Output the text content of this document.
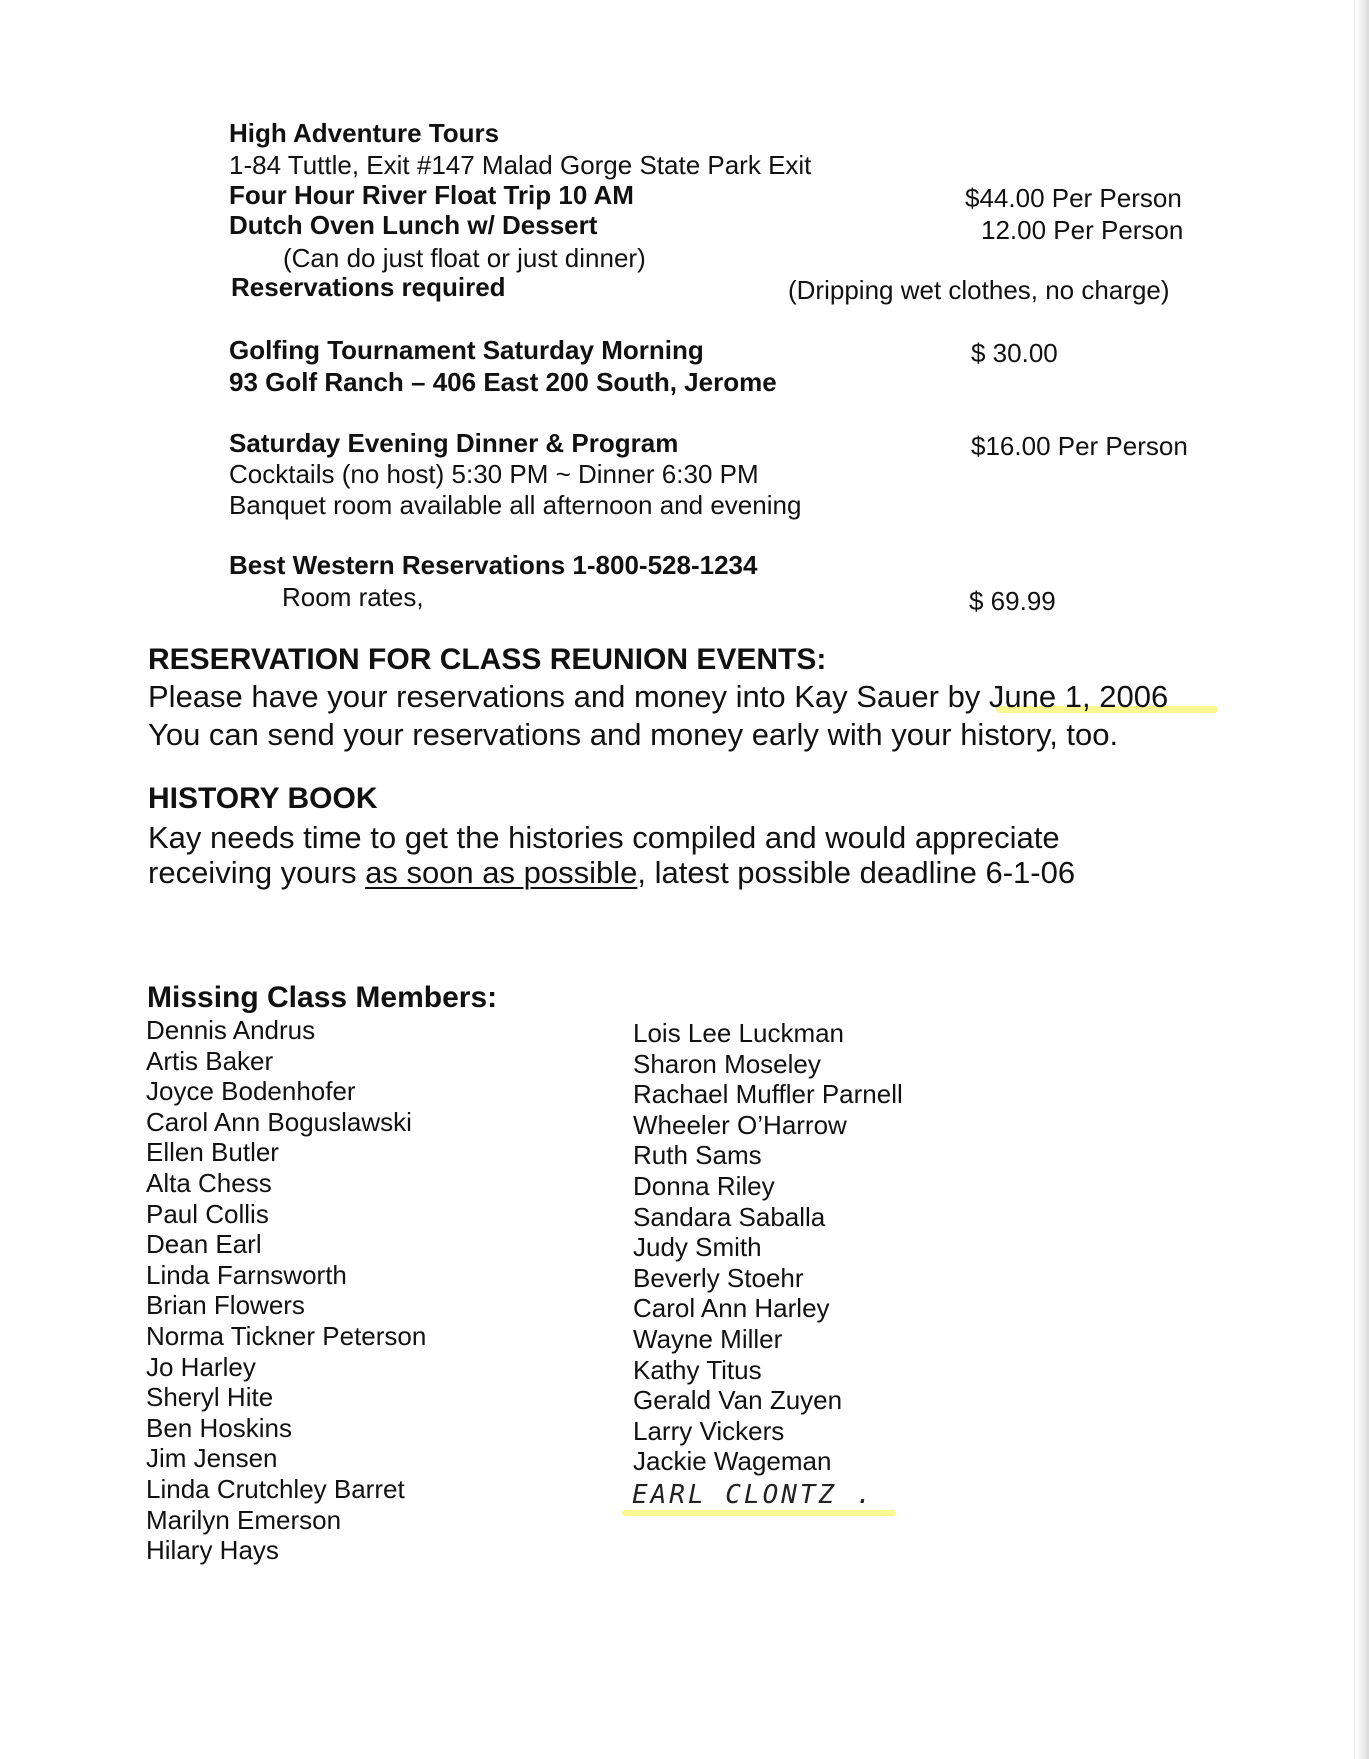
High Adventure Tours
1-84 Tuttle, Exit #147 Malad Gorge State Park Exit
Four Hour River Float Trip 10 AM	$44.00 Per Person
Dutch Oven Lunch w/ Dessert	12.00 Per Person
(Can do just float or just dinner)
Reservations required	(Dripping wet clothes, no charge)
Golfing Tournament Saturday Morning	$ 30.00
93 Golf Ranch – 406 East 200 South, Jerome
Saturday Evening Dinner & Program	$16.00 Per Person
Cocktails (no host) 5:30 PM ~ Dinner 6:30 PM
Banquet room available all afternoon and evening
Best Western Reservations 1-800-528-1234
Room rates,	$ 69.99
RESERVATION FOR CLASS REUNION EVENTS:
Please have your reservations and money into Kay Sauer by June 1, 2006
You can send your reservations and money early with your history, too.
HISTORY BOOK
Kay needs time to get the histories compiled and would appreciate
receiving yours as soon as possible, latest possible deadline 6-1-06
Missing Class Members:
Dennis Andrus
Artis Baker
Joyce Bodenhofer
Carol Ann Boguslawski
Ellen Butler
Alta Chess
Paul Collis
Dean Earl
Linda Farnsworth
Brian Flowers
Norma Tickner Peterson
Jo Harley
Sheryl Hite
Ben Hoskins
Jim Jensen
Linda Crutchley Barret
Marilyn Emerson
Hilary Hays
Lois Lee Luckman
Sharon Moseley
Rachael Muffler Parnell
Wheeler O’Harrow
Ruth Sams
Donna Riley
Sandara Saballa
Judy Smith
Beverly Stoehr
Carol Ann Harley
Wayne Miller
Kathy Titus
Gerald Van Zuyen
Larry Vickers
Jackie Wageman
EARL CLONTZ .
